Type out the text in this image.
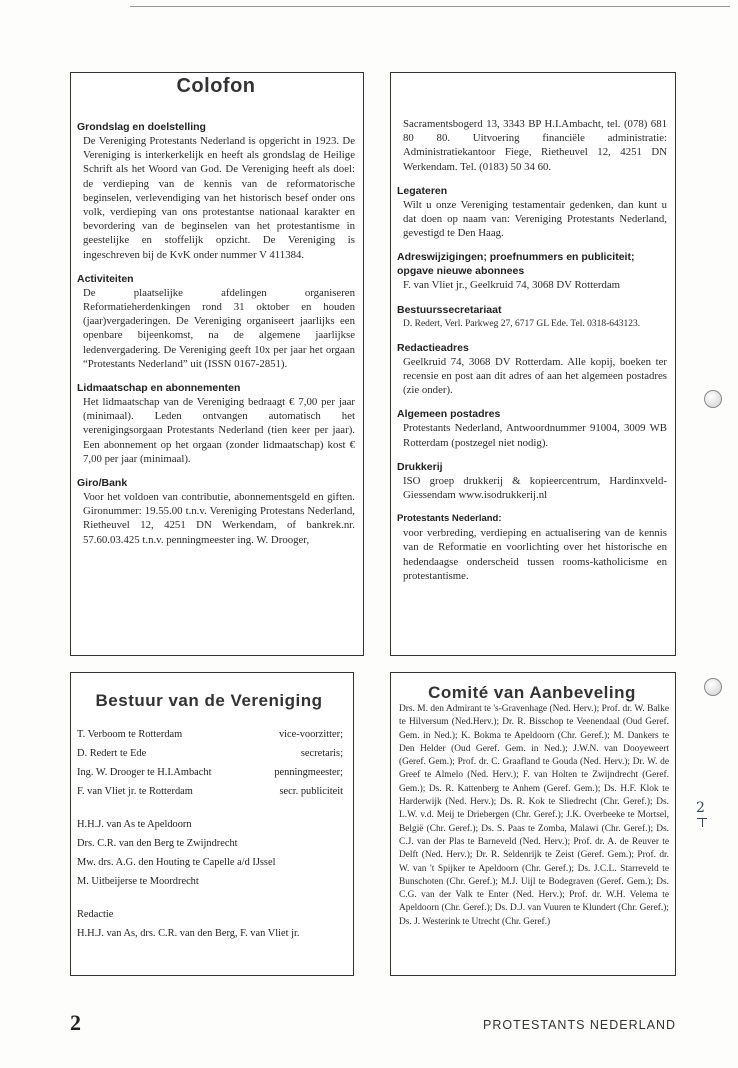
Colofon

Grondslag en doelstelling

De Vereniging Protestants Nederland is opgericht in 1923. De Vereniging is interkerkelijk en heeft als grondslag de Heilige Schrift als het Woord van God. De Vereniging heeft als doel: de verdieping van de kennis van de reformatorische beginselen, verlevendiging van het historisch besef onder ons volk, verdieping van ons protestantse nationaal karakter en bevordering van de beginselen van het protestantisme in geestelijke en stoffelijk opzicht. De Vereniging is ingeschreven bij de KvK onder nummer V 411384.

Activiteiten

De plaatselijke afdelingen organiseren Reformatieherdenkingen rond 31 oktober en houden (jaar)vergaderingen. De Vereniging organiseert jaarlijks een openbare bijeenkomst, na de algemene jaarlijkse ledenvergadering. De Vereniging geeft 10x per jaar het orgaan “Protestants Nederland” uit (ISSN 0167-2851).

Lidmaatschap en abonnementen

Het lidmaatschap van de Vereniging bedraagt € 7,00 per jaar (minimaal). Leden ontvangen automatisch het verenigingsorgaan Protestants Nederland (tien keer per jaar). Een abonnement op het orgaan (zonder lidmaatschap) kost € 7,00 per jaar (minimaal).

Giro/Bank

Voor het voldoen van contributie, abonnementsgeld en giften. Gironummer: 19.55.00 t.n.v. Vereniging Protestans Nederland, Rietheuvel 12, 4251 DN Werkendam, of bankrek.nr. 57.60.03.425 t.n.v. penningmeester ing. W. Drooger,

Sacramentsbogerd 13, 3343 BP H.I.Ambacht, tel. (078) 681 80 80. Uitvoering financiële administratie: Administratiekantoor Fiege, Rietheuvel 12, 4251 DN Werkendam. Tel. (0183) 50 34 60.

Legateren

Wilt u onze Vereniging testamentair gedenken, dan kunt u dat doen op naam van: Vereniging Protestants Nederland, gevestigd te Den Haag.

Adreswijzigingen; proefnummers en publiciteit; opgave nieuwe abonnees

F. van Vliet jr., Geelkruid 74, 3068 DV Rotterdam

Bestuurssecretariaat

D. Redert, Verl. Parkweg 27, 6717 GL Ede. Tel. 0318-643123.

Redactieadres

Geelkruid 74, 3068 DV Rotterdam. Alle kopij, boeken ter recensie en post aan dit adres of aan het algemeen postadres (zie onder).

Algemeen postadres

Protestants Nederland, Antwoordnummer 91004, 3009 WB Rotterdam (postzegel niet nodig).

Drukkerij

ISO groep drukkerij & kopieercentrum, Hardinxveld-Giessendam www.isodrukkerij.nl

Protestants Nederland:

voor verbreding, verdieping en actualisering van de kennis van de Reformatie en voorlichting over het historische en hedendaagse onderscheid tussen rooms-katholicisme en protestantisme.

Bestuur van de Vereniging
T. Verboom te Rotterdam	vice-voorzitter;
D. Redert te Ede	secretaris;
Ing. W. Drooger te H.I.Ambacht	penningmeester;
F. van Vliet jr. te Rotterdam	secr. publiciteit
H.H.J. van As te Apeldoorn
Drs. C.R. van den Berg te Zwijndrecht
Mw. drs. A.G. den Houting te Capelle a/d IJssel
M. Uitbeijerse te Moordrecht
Redactie
H.H.J. van As, drs. C.R. van den Berg, F. van Vliet jr.
Comité van Aanbeveling

Drs. M. den Admirant te 's-Gravenhage (Ned. Herv.); Prof. dr. W. Balke te Hilversum (Ned.Herv.); Dr. R. Bisschop te Veenendaal (Oud Geref. Gem. in Ned.); K. Bokma te Apeldoorn (Chr. Geref.); M. Dankers te Den Helder (Oud Geref. Gem. in Ned.); J.W.N. van Dooyeweert (Geref. Gem.); Prof. dr. C. Graafland te Gouda (Ned. Herv.); Dr. W. de Greef te Almelo (Ned. Herv.); F. van Holten te Zwijndrecht (Geref. Gem.); Ds. R. Kattenberg te Anhem (Geref. Gem.); Ds. H.F. Klok te Harderwijk (Ned. Herv.); Ds. R. Kok te Sliedrecht (Chr. Geref.); Ds. L.W. v.d. Meij te Driebergen (Chr. Geref.); J.K. Overbeeke te Mortsel, België (Chr. Geref.); Ds. S. Paas te Zomba, Malawi (Chr. Geref.); Ds. C.J. van der Plas te Barneveld (Ned. Herv.); Prof. dr. A. de Reuver te Delft (Ned. Herv.); Dr. R. Seldenrijk te Zeist (Geref. Gem.); Prof. dr. W. van 't Spijker te Apeldoorn (Chr. Geref.); Ds. J.C.L. Starreveld te Bunschoten (Chr. Geref.); M.J. Uijl te Bodegraven (Geref. Gem.); Ds. C.G. van der Valk te Enter (Ned. Herv.); Prof. dr. W.H. Velema te Apeldoorn (Chr. Geref.); Ds. D.J. van Vuuren te Klundert (Chr. Geref.); Ds. J. Westerink te Utrecht (Chr. Geref.)

2
2	PROTESTANTS NEDERLAND
